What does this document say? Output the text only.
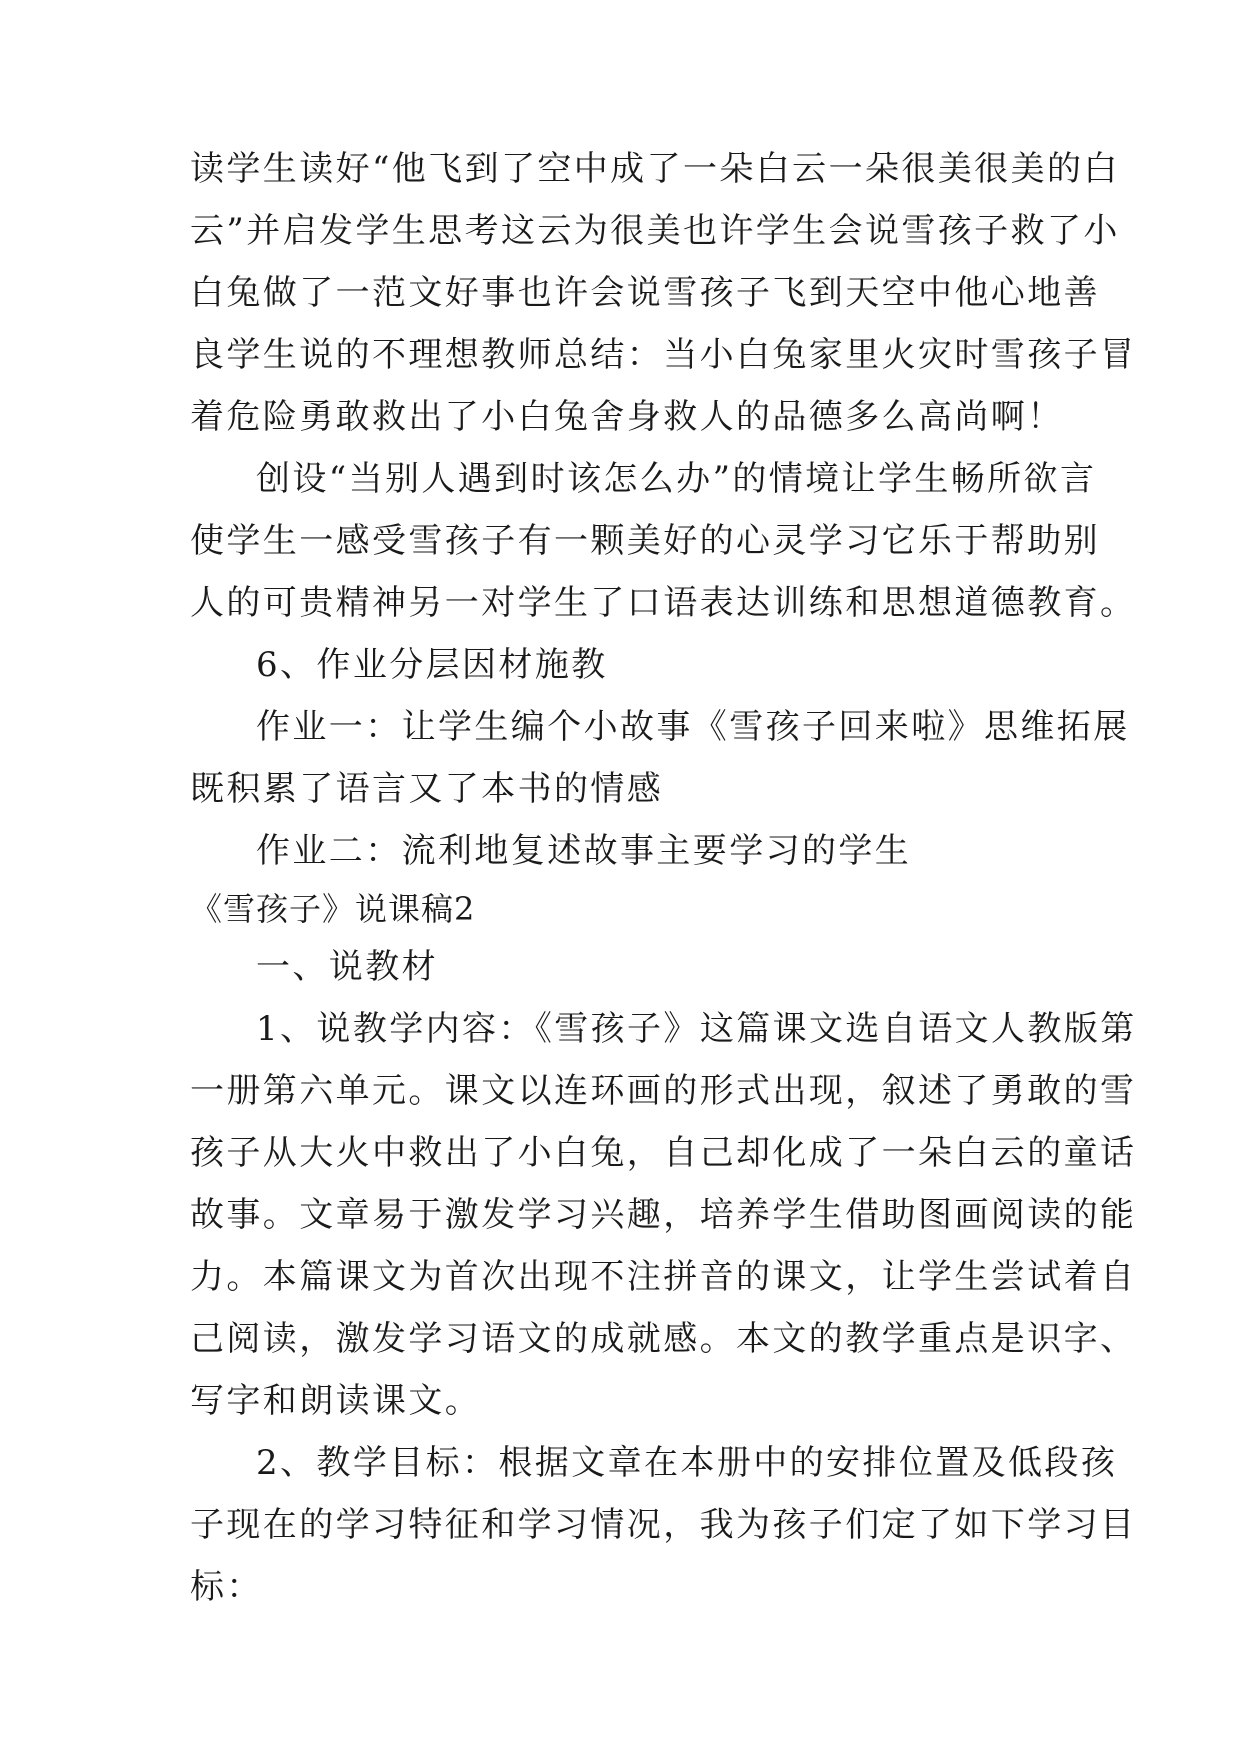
读学生读好“他飞到了空中成了一朵白云一朵很美很美的白
云”并启发学生思考这云为很美也许学生会说雪孩子救了小
白兔做了一范文好事也许会说雪孩子飞到天空中他心地善
良学生说的不理想教师总结：当小白兔家里火灾时雪孩子冒
着危险勇敢救出了小白兔舍身救人的品德多么高尚啊！
创设“当别人遇到时该怎么办”的情境让学生畅所欲言
使学生一感受雪孩子有一颗美好的心灵学习它乐于帮助别
人的可贵精神另一对学生了口语表达训练和思想道德教育。
6、作业分层因材施教
作业一：让学生编个小故事《雪孩子回来啦》思维拓展
既积累了语言又了本书的情感
作业二：流利地复述故事主要学习的学生
《雪孩子》说课稿2
一、说教材
1、说教学内容：《雪孩子》这篇课文选自语文人教版第
一册第六单元。课文以连环画的形式出现，叙述了勇敢的雪
孩子从大火中救出了小白兔，自己却化成了一朵白云的童话
故事。文章易于激发学习兴趣，培养学生借助图画阅读的能
力。本篇课文为首次出现不注拼音的课文，让学生尝试着自
己阅读，激发学习语文的成就感。本文的教学重点是识字、
写字和朗读课文。
2、教学目标：根据文章在本册中的安排位置及低段孩
子现在的学习特征和学习情况，我为孩子们定了如下学习目
标：
